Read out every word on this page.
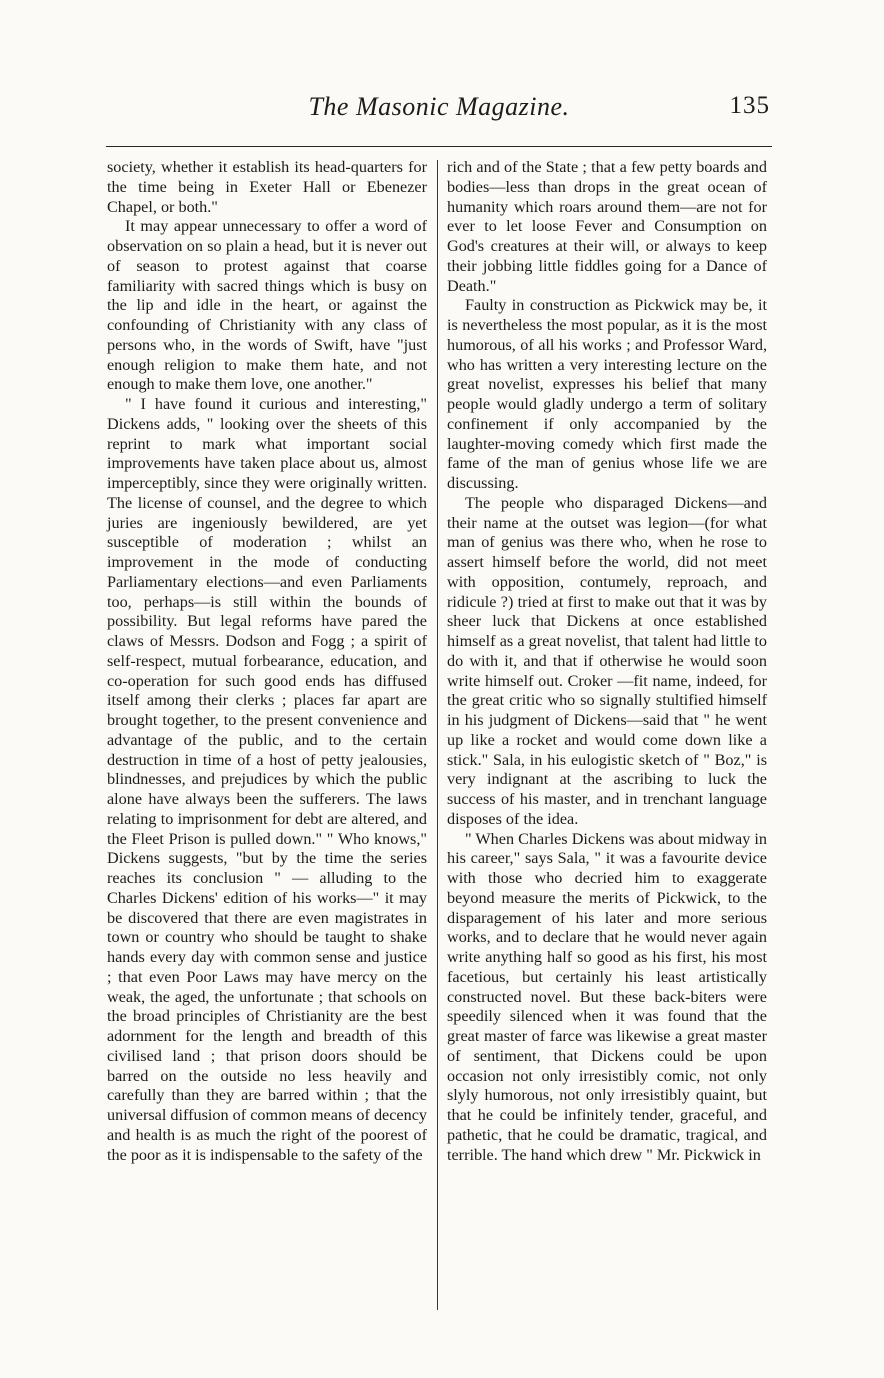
The Masonic Magazine.	135

society, whether it establish its head-quarters for the time being in Exeter Hall or Ebenezer Chapel, or both."

It may appear unnecessary to offer a word of observation on so plain a head, but it is never out of season to protest against that coarse familiarity with sacred things which is busy on the lip and idle in the heart, or against the confounding of Christianity with any class of persons who, in the words of Swift, have "just enough religion to make them hate, and not enough to make them love, one another."

" I have found it curious and interesting," Dickens adds, " looking over the sheets of this reprint to mark what important social improvements have taken place about us, almost imperceptibly, since they were originally written. The license of counsel, and the degree to which juries are ingeniously bewildered, are yet susceptible of moderation ; whilst an improvement in the mode of conducting Parliamentary elections—and even Parliaments too, perhaps—is still within the bounds of possibility. But legal reforms have pared the claws of Messrs. Dodson and Fogg ; a spirit of self-respect, mutual forbearance, education, and co-operation for such good ends has diffused itself among their clerks ; places far apart are brought together, to the present convenience and advantage of the public, and to the certain destruction in time of a host of petty jealousies, blindnesses, and prejudices by which the public alone have always been the sufferers. The laws relating to imprisonment for debt are altered, and the Fleet Prison is pulled down." " Who knows," Dickens suggests, "but by the time the series reaches its conclusion " — alluding to the Charles Dickens' edition of his works—" it may be discovered that there are even magistrates in town or country who should be taught to shake hands every day with common sense and justice ; that even Poor Laws may have mercy on the weak, the aged, the unfortunate ; that schools on the broad principles of Christianity are the best adornment for the length and breadth of this civilised land ; that prison doors should be barred on the outside no less heavily and carefully than they are barred within ; that the universal diffusion of common means of decency and health is as much the right of the poorest of the poor as it is indispensable to the safety of the

rich and of the State ; that a few petty boards and bodies—less than drops in the great ocean of humanity which roars around them—are not for ever to let loose Fever and Consumption on God's creatures at their will, or always to keep their jobbing little fiddles going for a Dance of Death."

Faulty in construction as Pickwick may be, it is nevertheless the most popular, as it is the most humorous, of all his works ; and Professor Ward, who has written a very interesting lecture on the great novelist, expresses his belief that many people would gladly undergo a term of solitary confinement if only accompanied by the laughter-moving comedy which first made the fame of the man of genius whose life we are discussing.

The people who disparaged Dickens—and their name at the outset was legion—(for what man of genius was there who, when he rose to assert himself before the world, did not meet with opposition, contumely, reproach, and ridicule ?) tried at first to make out that it was by sheer luck that Dickens at once established himself as a great novelist, that talent had little to do with it, and that if otherwise he would soon write himself out. Croker —fit name, indeed, for the great critic who so signally stultified himself in his judgment of Dickens—said that " he went up like a rocket and would come down like a stick." Sala, in his eulogistic sketch of " Boz," is very indignant at the ascribing to luck the success of his master, and in trenchant language disposes of the idea.

" When Charles Dickens was about midway in his career," says Sala, " it was a favourite device with those who decried him to exaggerate beyond measure the merits of Pickwick, to the disparagement of his later and more serious works, and to declare that he would never again write anything half so good as his first, his most facetious, but certainly his least artistically constructed novel. But these back-biters were speedily silenced when it was found that the great master of farce was likewise a great master of sentiment, that Dickens could be upon occasion not only irresistibly comic, not only slyly humorous, not only irresistibly quaint, but that he could be infinitely tender, graceful, and pathetic, that he could be dramatic, tragical, and terrible. The hand which drew " Mr. Pickwick in
